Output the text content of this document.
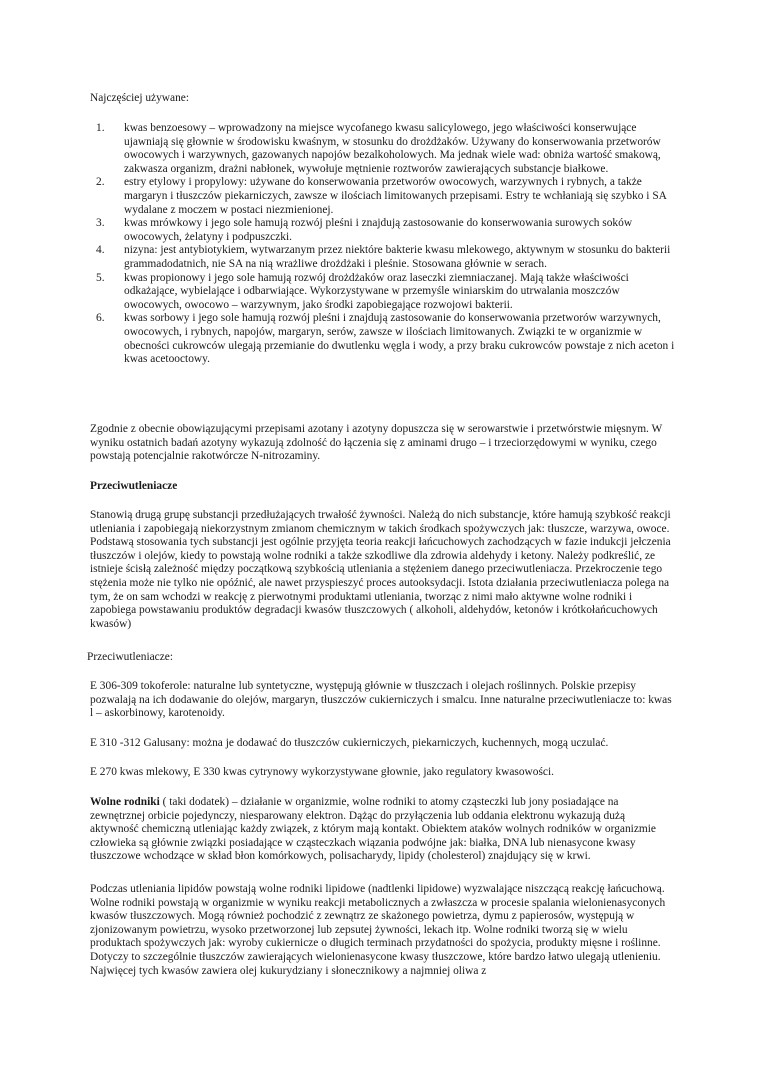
Najczęściej używane:

1.	kwas benzoesowy – wprowadzony na miejsce wycofanego kwasu salicylowego, jego właściwości konserwujące ujawniają się głownie w środowisku kwaśnym, w stosunku do drożdżaków. Używany do konserwowania przetworów owocowych i warzywnych, gazowanych napojów bezalkoholowych. Ma jednak wiele wad: obniża wartość smakową, zakwasza organizm, drażni nabłonek, wywołuje mętnienie roztworów zawierających substancje białkowe.
2.	estry etylowy i propylowy: używane do konserwowania przetworów owocowych, warzywnych i rybnych, a także margaryn i tłuszczów piekarniczych, zawsze w ilościach limitowanych przepisami. Estry te wchłaniają się szybko i SA wydalane z moczem w postaci niezmienionej.
3.	kwas mrówkowy i jego sole hamują rozwój pleśni i znajdują zastosowanie do konserwowania surowych soków owocowych, żelatyny i podpuszczki.
4.	nizyna: jest antybiotykiem, wytwarzanym przez niektóre bakterie kwasu mlekowego, aktywnym w stosunku do bakterii grammadodatnich, nie SA na nią wrażliwe drożdżaki i pleśnie. Stosowana głównie w serach.
5.	kwas propionowy i jego sole hamują rozwój drożdżaków oraz laseczki ziemniaczanej. Mają także właściwości odkażające, wybielające i odbarwiające. Wykorzystywane w przemyśle winiarskim do utrwalania moszczów owocowych, owocowo – warzywnym, jako środki zapobiegające rozwojowi bakterii.
6.	kwas sorbowy i jego sole hamują rozwój pleśni i znajdują zastosowanie do konserwowania przetworów warzywnych, owocowych, i rybnych, napojów, margaryn, serów, zawsze w ilościach limitowanych. Związki te w organizmie w obecności cukrowców ulegają przemianie do dwutlenku węgla i wody, a przy braku cukrowców powstaje z nich aceton i kwas acetooctowy.

Zgodnie z obecnie obowiązującymi przepisami azotany i azotyny dopuszcza się w serowarstwie i przetwórstwie mięsnym. W wyniku ostatnich badań azotyny wykazują zdolność do łączenia się z aminami drugo – i trzeciorzędowymi w wyniku, czego powstają potencjalnie rakotwórcze N-nitrozaminy.

Przeciwutleniacze

Stanowią drugą grupę substancji przedłużających trwałość żywności. Należą do nich substancje, które hamują szybkość reakcji utleniania i zapobiegają niekorzystnym zmianom chemicznym w takich środkach spożywczych jak: tłuszcze, warzywa, owoce. Podstawą stosowania tych substancji jest ogólnie przyjęta teoria reakcji łańcuchowych zachodzących w fazie indukcji jełczenia tłuszczów i olejów, kiedy to powstają wolne rodniki a także szkodliwe dla zdrowia aldehydy i ketony. Należy podkreślić, ze istnieje ścisłą zależność między początkową szybkością utleniania a stężeniem danego przeciwutleniacza. Przekroczenie tego stężenia może nie tylko nie opóźnić, ale nawet przyspieszyć proces autooksydacji. Istota działania przeciwutleniacza polega na tym, że on sam wchodzi w reakcję z pierwotnymi produktami utleniania, tworząc z nimi mało aktywne wolne rodniki i zapobiega powstawaniu produktów degradacji kwasów tłuszczowych ( alkoholi, aldehydów, ketonów i krótkołańcuchowych kwasów)

Przeciwutleniacze:

E 306-309 tokoferole: naturalne lub syntetyczne, występują głównie w tłuszczach i olejach roślinnych. Polskie przepisy pozwalają na ich dodawanie do olejów, margaryn, tłuszczów cukierniczych i smalcu. Inne naturalne przeciwutleniacze to: kwas l – askorbinowy, karotenoidy.

E 310 -312 Galusany: można je dodawać do tłuszczów cukierniczych, piekarniczych, kuchennych, mogą uczulać.

E 270 kwas mlekowy, E 330 kwas cytrynowy wykorzystywane głownie, jako regulatory kwasowości.

Wolne rodniki ( taki dodatek) – działanie w organizmie, wolne rodniki to atomy cząsteczki lub jony posiadające na zewnętrznej orbicie pojedynczy, niesparowany elektron. Dążąc do przyłączenia lub oddania elektronu wykazują dużą aktywność chemiczną utleniając każdy związek, z którym mają kontakt. Obiektem ataków wolnych rodników w organizmie człowieka są głównie związki posiadające w cząsteczkach wiązania podwójne jak: białka, DNA lub nienasycone kwasy tłuszczowe wchodzące w skład błon komórkowych, polisacharydy, lipidy (cholesterol) znajdujący się w krwi.

Podczas utleniania lipidów powstają wolne rodniki lipidowe (nadtlenki lipidowe) wyzwalające niszczącą reakcję łańcuchową. Wolne rodniki powstają w organizmie w wyniku reakcji metabolicznych a zwłaszcza w procesie spalania wielonienasyconych kwasów tłuszczowych. Mogą również pochodzić z zewnątrz ze skażonego powietrza, dymu z papierosów, występują w zjonizowanym powietrzu, wysoko przetworzonej lub zepsutej żywności, lekach itp. Wolne rodniki tworzą się w wielu produktach spożywczych jak: wyroby cukiernicze o długich terminach przydatności do spożycia, produkty mięsne i roślinne. Dotyczy to szczególnie tłuszczów zawierających wielonienasycone kwasy tłuszczowe, które bardzo łatwo ulegają utlenieniu. Najwięcej tych kwasów zawiera olej kukurydziany i słonecznikowy a najmniej oliwa z
